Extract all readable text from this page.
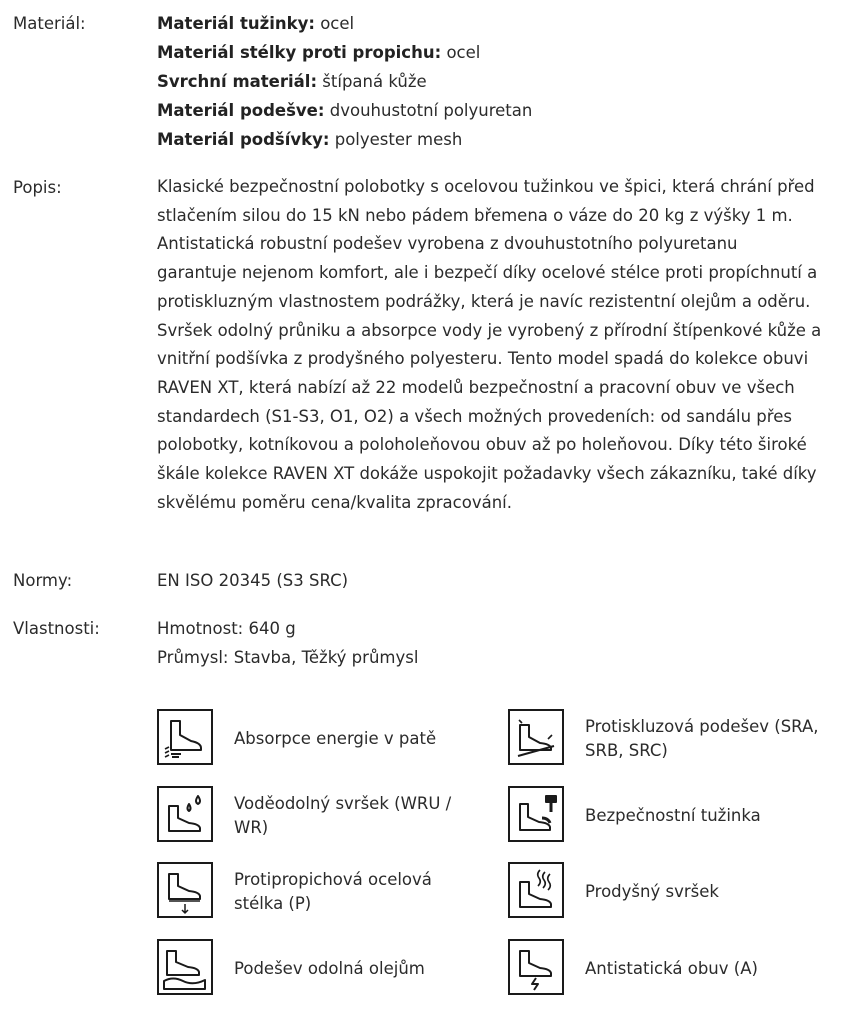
Materiál:	Materiál tužinky: ocel
Materiál stélky proti propichu: ocel
Svrchní materiál: štípaná kůže
Materiál podešve: dvouhustotní polyuretan
Materiál podšívky: polyester mesh
Popis:	Klasické bezpečnostní polobotky s ocelovou tužinkou ve špici, která chrání před stlačením silou do 15 kN nebo pádem břemena o váze do 20 kg z výšky 1 m. Antistatická robustní podešev vyrobena z dvouhustotního polyuretanu garantuje nejenom komfort, ale i bezpečí díky ocelové stélce proti propíchnutí a protiskluzným vlastnostem podrážky, která je navíc rezistentní olejům a oděru. Svršek odolný průniku a absorpce vody je vyrobený z přírodní štípenkové kůže a vnitřní podšívka z prodyšného polyesteru. Tento model spadá do kolekce obuvi RAVEN XT, která nabízí až 22 modelů bezpečnostní a pracovní obuv ve všech standardech (S1-S3, O1, O2) a všech možných provedeních: od sandálu přes polobotky, kotníkovou a poloholeňovou obuv až po holeňovou. Díky této široké škále kolekce RAVEN XT dokáže uspokojit požadavky všech zákazníku, také díky skvělému poměru cena/kvalita zpracování.
Normy:	EN ISO 20345 (S3 SRC)
Vlastnosti:	Hmotnost: 640 g
Průmysl: Stavba, Těžký průmysl
Absorpce energie v patě
Protiskluzová podešev (SRA, SRB, SRC)
Voděodolný svršek (WRU / WR)
Bezpečnostní tužinka
Protipropichová ocelová stélka (P)
Prodyšný svršek
Podešev odolná olejům	Antistatická obuv (A)
